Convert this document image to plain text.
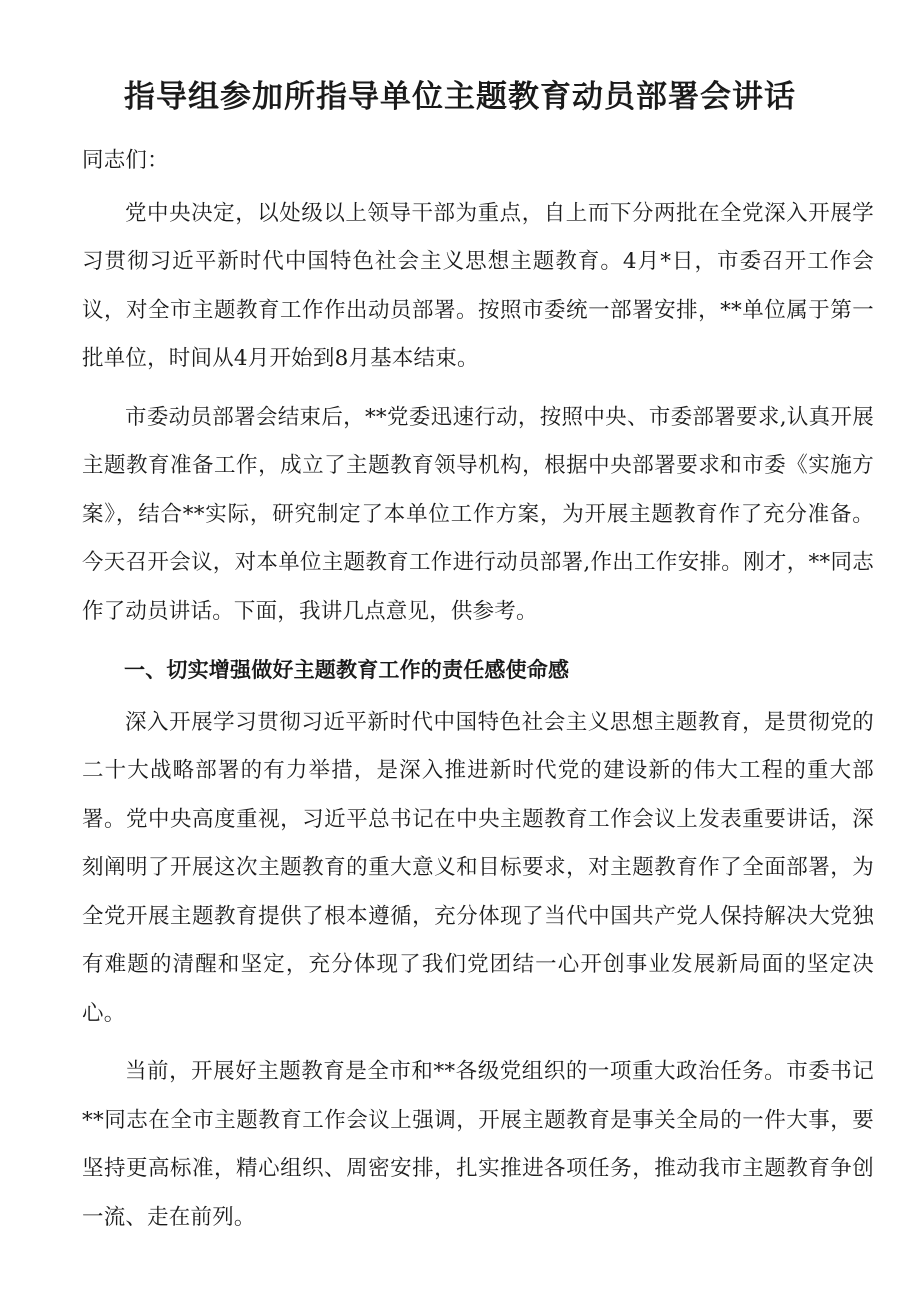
指导组参加所指导单位主题教育动员部署会讲话

同志们：

党中央决定，以处级以上领导干部为重点，自上而下分两批在全党深入开展学习贯彻习近平新时代中国特色社会主义思想主题教育。4月*日，市委召开工作会议，对全市主题教育工作作出动员部署。按照市委统一部署安排，**单位属于第一批单位，时间从4月开始到8月基本结束。

市委动员部署会结束后，**党委迅速行动，按照中央、市委部署要求,认真开展主题教育准备工作，成立了主题教育领导机构，根据中央部署要求和市委《实施方案》，结合**实际，研究制定了本单位工作方案，为开展主题教育作了充分准备。今天召开会议，对本单位主题教育工作进行动员部署,作出工作安排。刚才，**同志作了动员讲话。下面，我讲几点意见，供参考。

一、切实增强做好主题教育工作的责任感使命感

深入开展学习贯彻习近平新时代中国特色社会主义思想主题教育，是贯彻党的二十大战略部署的有力举措，是深入推进新时代党的建设新的伟大工程的重大部署。党中央高度重视，习近平总书记在中央主题教育工作会议上发表重要讲话，深刻阐明了开展这次主题教育的重大意义和目标要求，对主题教育作了全面部署，为全党开展主题教育提供了根本遵循，充分体现了当代中国共产党人保持解决大党独有难题的清醒和坚定，充分体现了我们党团结一心开创事业发展新局面的坚定决心。

当前，开展好主题教育是全市和**各级党组织的一项重大政治任务。市委书记**同志在全市主题教育工作会议上强调，开展主题教育是事关全局的一件大事，要坚持更高标准，精心组织、周密安排，扎实推进各项任务，推动我市主题教育争创一流、走在前列。
